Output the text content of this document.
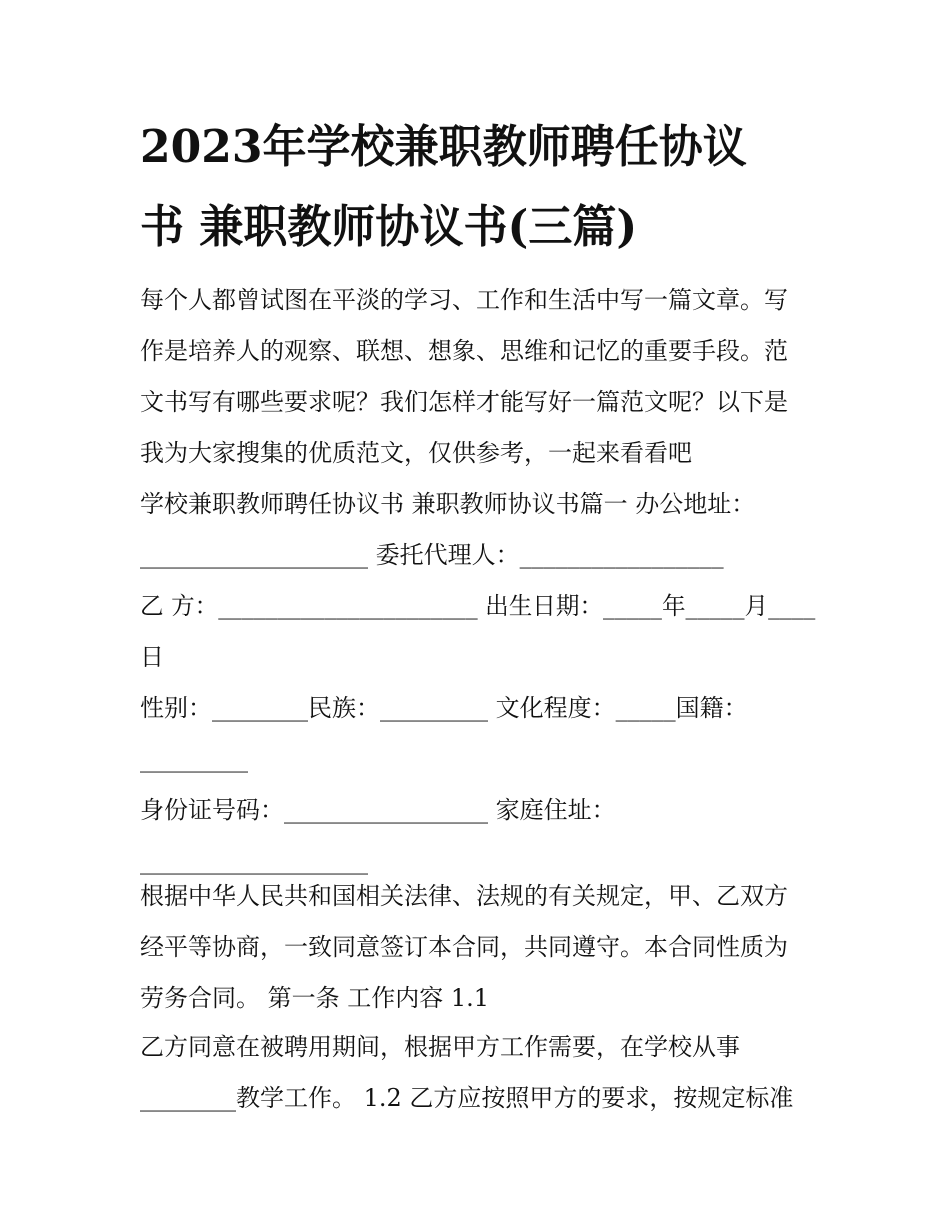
2023年学校兼职教师聘任协议
书 兼职教师协议书(三篇)
每个人都曾试图在平淡的学习、工作和生活中写一篇文章。写
作是培养人的观察、联想、想象、思维和记忆的重要手段。范
文书写有哪些要求呢？我们怎样才能写好一篇范文呢？以下是
我为大家搜集的优质范文，仅供参考，一起来看看吧
学校兼职教师聘任协议书 兼职教师协议书篇一 办公地址：
___________________ 委托代理人：_________________
乙 方：______________________ 出生日期：_____年_____月____
日
性别：________民族：_________ 文化程度：_____国籍：
_________
身份证号码：_________________ 家庭住址：
___________________
根据中华人民共和国相关法律、法规的有关规定，甲、乙双方
经平等协商，一致同意签订本合同，共同遵守。本合同性质为
劳务合同。 第一条 工作内容 1.1
乙方同意在被聘用期间，根据甲方工作需要，在学校从事
________教学工作。 1.2 乙方应按照甲方的要求，按规定标准
